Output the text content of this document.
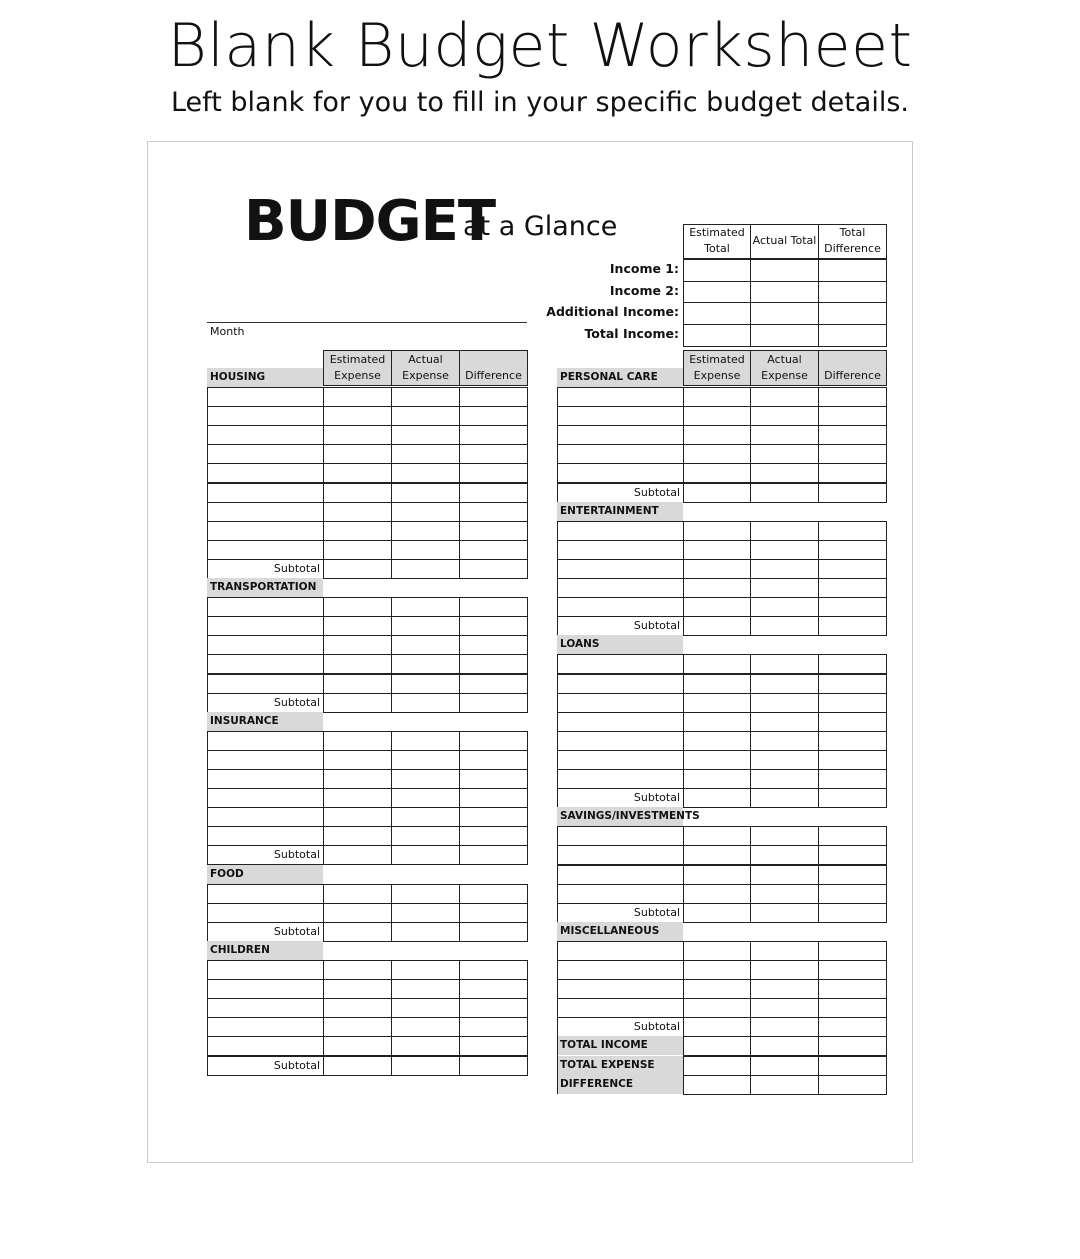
Blank Budget Worksheet
Left blank for you to fill in your specific budget details.
BUDGET
at a Glance
Month
Estimated Total
Actual Total
Total Difference
Income 1:
Income 2:
Additional Income:
Total Income:
Estimated Expense
Actual Expense	Difference
HOUSING
Subtotal
TRANSPORTATION
Subtotal
INSURANCE
Subtotal
FOOD
Subtotal
CHILDREN
Subtotal
Estimated Expense
Actual Expense	Difference
PERSONAL CARE
Subtotal
ENTERTAINMENT
Subtotal
LOANS
Subtotal
SAVINGS/INVESTMENTS
Subtotal
MISCELLANEOUS
Subtotal
TOTAL INCOME
TOTAL EXPENSE
DIFFERENCE
